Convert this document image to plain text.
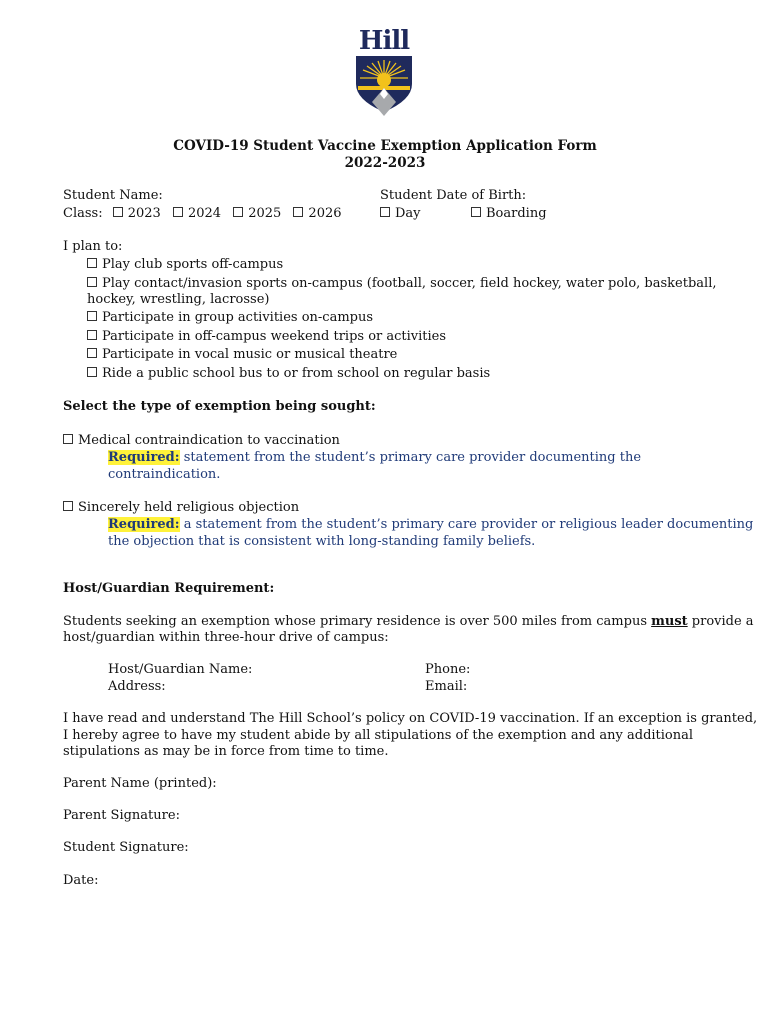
Hill
COVID-19 Student Vaccine Exemption Application Form
2022-2023
Student Name:	Student Date of Birth:
Class: 2023 2024 2025 2026	Day	Boarding
I plan to:
Play club sports off-campus
Play contact/invasion sports on-campus (football, soccer, field hockey, water polo, basketball,
hockey, wrestling, lacrosse)
Participate in group activities on-campus
Participate in off-campus weekend trips or activities
Participate in vocal music or musical theatre
Ride a public school bus to or from school on regular basis
Select the type of exemption being sought:
Medical contraindication to vaccination
Required: statement from the student’s primary care provider documenting the
contraindication.
Sincerely held religious objection
Required: a statement from the student’s primary care provider or religious leader documenting
the objection that is consistent with long-standing family beliefs.
Host/Guardian Requirement:
Students seeking an exemption whose primary residence is over 500 miles from campus must provide a
host/guardian within three-hour drive of campus:
Host/Guardian Name:	Phone:
Address:	Email:
I have read and understand The Hill School’s policy on COVID-19 vaccination. If an exception is granted,
I hereby agree to have my student abide by all stipulations of the exemption and any additional
stipulations as may be in force from time to time.
Parent Name (printed):
Parent Signature:
Student Signature:
Date:
